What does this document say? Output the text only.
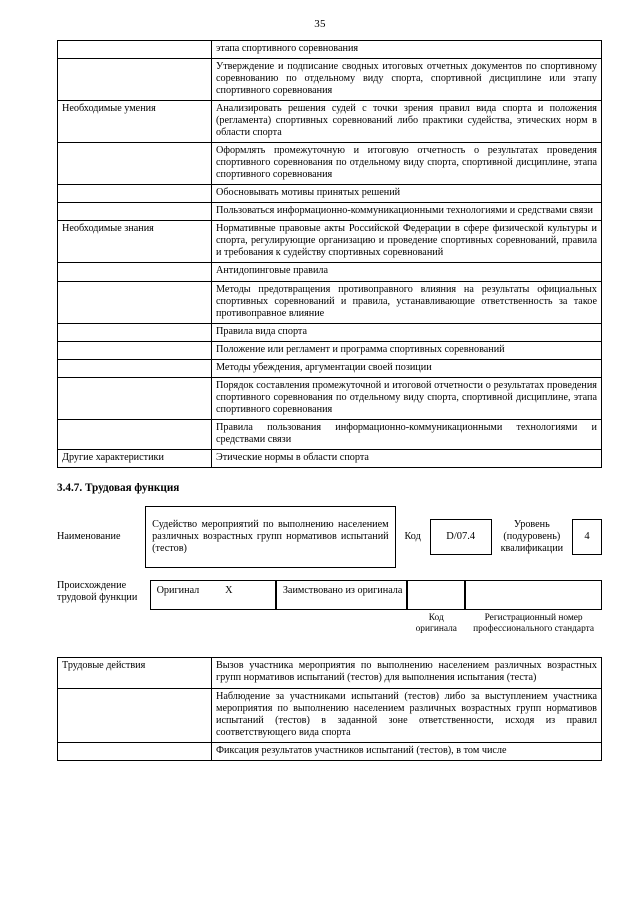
35
	этапа спортивного соревнования
	Утверждение и подписание сводных итоговых отчетных документов по спортивному соревнованию по отдельному виду спорта, спортивной дисциплине или этапу спортивного соревнования
Необходимые умения	Анализировать решения судей с точки зрения правил вида спорта и положения (регламента) спортивных соревнований либо практики судейства, этических норм в области спорта
	Оформлять промежуточную и итоговую отчетность о результатах проведения спортивного соревнования по отдельному виду спорта, спортивной дисциплине, этапа спортивного соревнования
	Обосновывать мотивы принятых решений
	Пользоваться информационно-коммуникационными технологиями и средствами связи
Необходимые знания	Нормативные правовые акты Российской Федерации в сфере физической культуры и спорта, регулирующие организацию и проведение спортивных соревнований, правила и требования к судейству спортивных соревнований
	Антидопинговые правила
	Методы предотвращения противоправного влияния на результаты официальных спортивных соревнований и правила, устанавливающие ответственность за такое противоправное влияние
	Правила вида спорта
	Положение или регламент и программа спортивных соревнований
	Методы убеждения, аргументации своей позиции
	Порядок составления промежуточной и итоговой отчетности о результатах проведения спортивного соревнования по отдельному виду спорта, спортивной дисциплине, этапа спортивного соревнования
	Правила пользования информационно-коммуникационными технологиями и средствами связи
Другие характеристики	Этические нормы в области спорта
3.4.7. Трудовая функция
Наименование	
Судейство мероприятий по выполнению населением различных возрастных групп нормативов испытаний (тестов)
	Код	D/07.4
	Уровень (подуровень) квалификации	
4
Происхождение трудовой функции	
Оригинал	X	Заимствовано из оригинала

Код оригинала

Регистрационный номер профессионального стандарта
Трудовые действия	Вызов участника мероприятия по выполнению населением различных возрастных групп нормативов испытаний (тестов) для выполнения испытания (теста)
	Наблюдение за участниками испытаний (тестов) либо за выступлением участника мероприятия по выполнению населением различных возрастных групп нормативов испытаний (тестов) в заданной зоне ответственности, исходя из правил соответствующего вида спорта
	Фиксация результатов участников испытаний (тестов), в том числе
